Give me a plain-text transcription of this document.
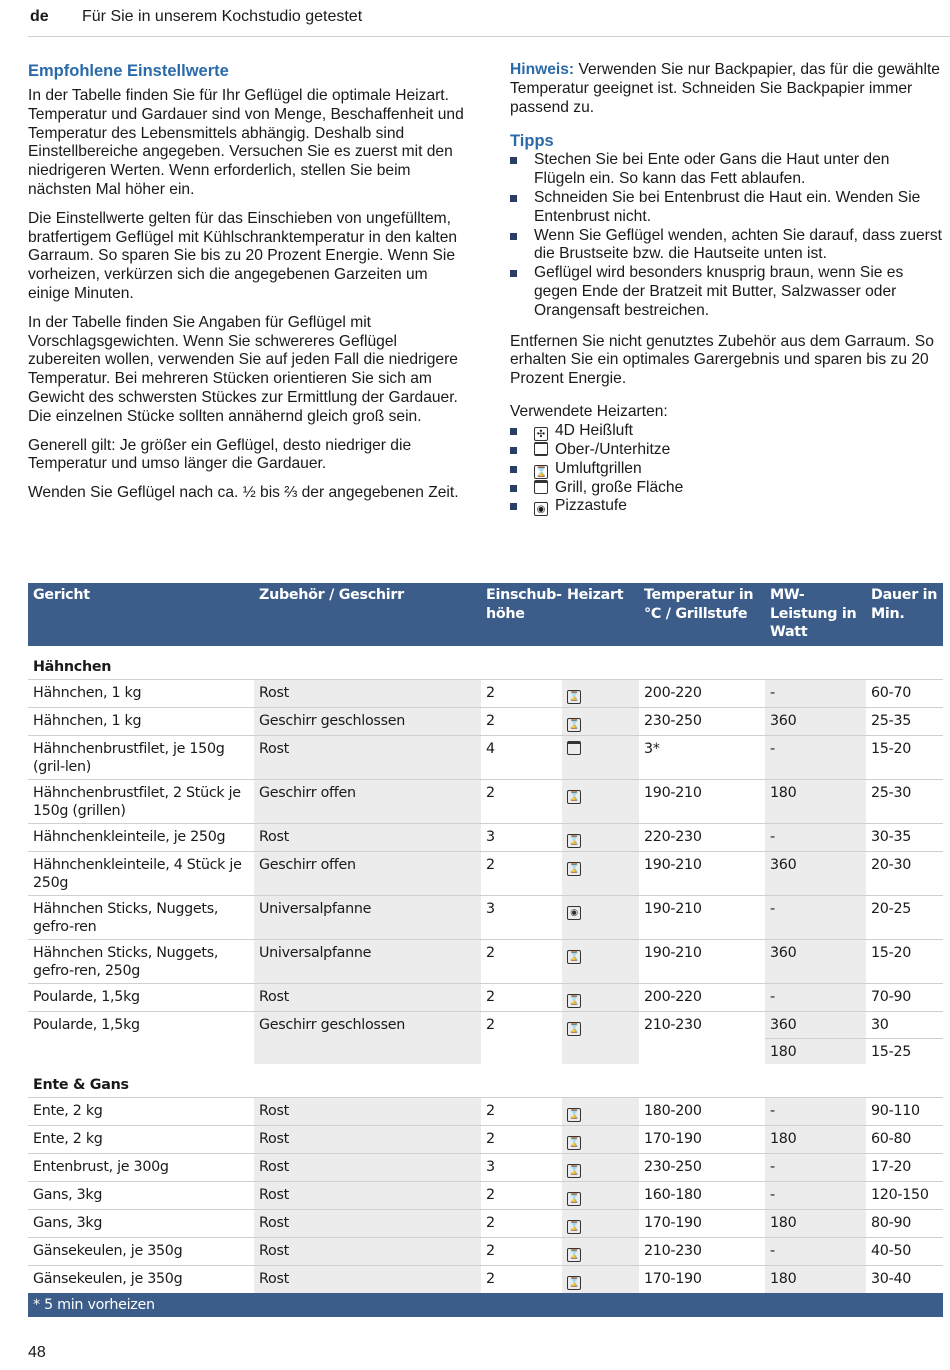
de Für Sie in unserem Kochstudio getestet
Empfohlene Einstellwerte

In der Tabelle finden Sie für Ihr Geflügel die optimale Heizart. Temperatur und Gardauer sind von Menge, Beschaffenheit und Temperatur des Lebensmittels abhängig. Deshalb sind Einstellbereiche angegeben. Versuchen Sie es zuerst mit den niedrigeren Werten. Wenn erforderlich, stellen Sie beim nächsten Mal höher ein.

Die Einstellwerte gelten für das Einschieben von ungefülltem, bratfertigem Geflügel mit Kühlschranktemperatur in den kalten Garraum. So sparen Sie bis zu 20 Prozent Energie. Wenn Sie vorheizen, verkürzen sich die angegebenen Garzeiten um einige Minuten.

In der Tabelle finden Sie Angaben für Geflügel mit Vorschlagsgewichten. Wenn Sie schwereres Geflügel zubereiten wollen, verwenden Sie auf jeden Fall die niedrigere Temperatur. Bei mehreren Stücken orientieren Sie sich am Gewicht des schwersten Stückes zur Ermittlung der Gardauer. Die einzelnen Stücke sollten annähernd gleich groß sein.

Generell gilt: Je größer ein Geflügel, desto niedriger die Temperatur und umso länger die Gardauer.

Wenden Sie Geflügel nach ca. ½ bis ⅔ der angegebenen Zeit.

Hinweis: Verwenden Sie nur Backpapier, das für die gewählte Temperatur geeignet ist. Schneiden Sie Backpapier immer passend zu.

Tipps
Stechen Sie bei Ente oder Gans die Haut unter den Flügeln ein. So kann das Fett ablaufen.
Schneiden Sie bei Entenbrust die Haut ein. Wenden Sie Entenbrust nicht.
Wenn Sie Geflügel wenden, achten Sie darauf, dass zuerst die Brustseite bzw. die Hautseite unten ist.
Geflügel wird besonders knusprig braun, wenn Sie es gegen Ende der Bratzeit mit Butter, Salzwasser oder Orangensaft bestreichen.

Entfernen Sie nicht genutztes Zubehör aus dem Garraum. So erhalten Sie ein optimales Garergebnis und sparen bis zu 20 Prozent Energie.

Verwendete Heizarten:

✣ 4D Heißluft
Ober-/Unterhitze
⌛ Umluftgrillen
Grill, große Fläche
◉ Pizzastufe
Gericht	Zubehör / Geschirr	Einschub-höhe	Heizart	Temperatur in °C / Grillstufe	MW-Leistung in Watt	Dauer in Min.
Hähnchen						
Hähnchen, 1 kg	Rost	2	⌛	200-220	-	60-70
Hähnchen, 1 kg	Geschirr geschlossen	2	⌛	230-250	360	25-35
Hähnchenbrustfilet, je 150g (gril-len)	Rost	4		3*	-	15-20
Hähnchenbrustfilet, 2 Stück je 150g (grillen)	Geschirr offen	2	⌛	190-210	180	25-30
Hähnchenkleinteile, je 250g	Rost	3	⌛	220-230	-	30-35
Hähnchenkleinteile, 4 Stück je 250g	Geschirr offen	2	⌛	190-210	360	20-30
Hähnchen Sticks, Nuggets, gefro-ren	Universalpfanne	3	◉	190-210	-	20-25
Hähnchen Sticks, Nuggets, gefro-ren, 250g	Universalpfanne	2	⌛	190-210	360	15-20
Poularde, 1,5kg	Rost	2	⌛	200-220	-	70-90
Poularde, 1,5kg	Geschirr geschlossen	2	⌛	210-230	360	30
					180	15-25
Ente & Gans						
Ente, 2 kg	Rost	2	⌛	180-200	-	90-110
Ente, 2 kg	Rost	2	⌛	170-190	180	60-80
Entenbrust, je 300g	Rost	3	⌛	230-250	-	17-20
Gans, 3kg	Rost	2	⌛	160-180	-	120-150
Gans, 3kg	Rost	2	⌛	170-190	180	80-90
Gänsekeulen, je 350g	Rost	2	⌛	210-230	-	40-50
Gänsekeulen, je 350g	Rost	2	⌛	170-190	180	30-40
* 5 min vorheizen						
48
